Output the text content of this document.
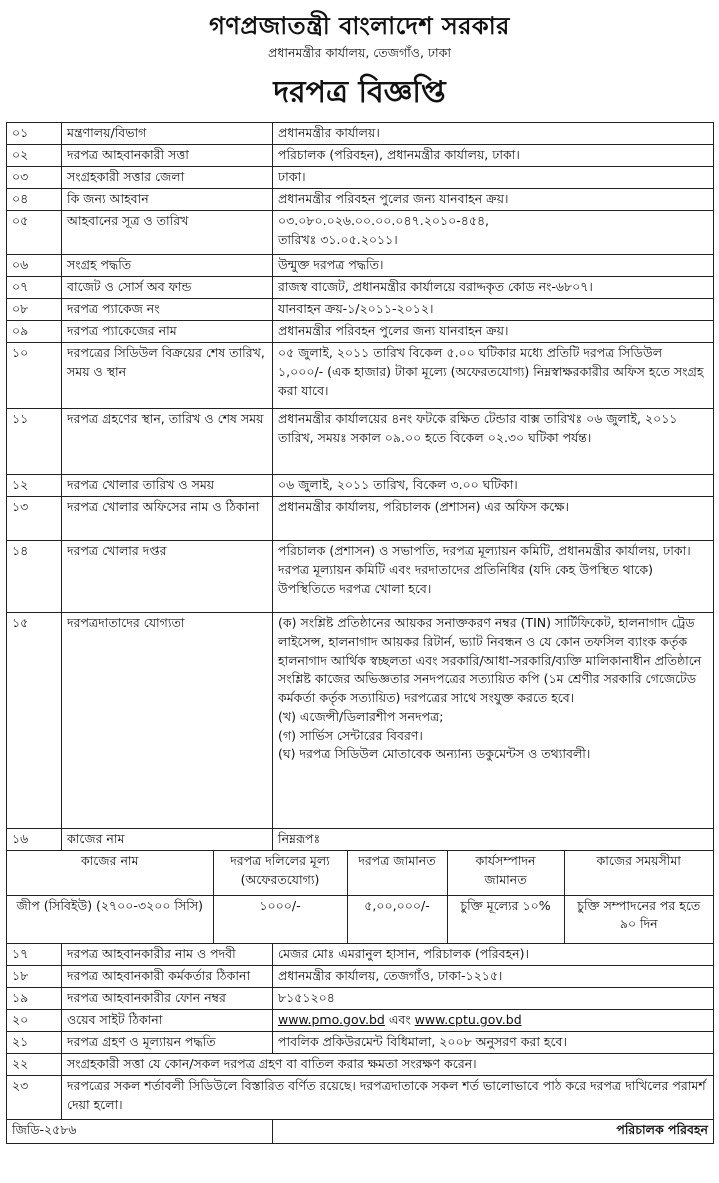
গণপ্রজাতন্ত্রী বাংলাদেশ সরকার
প্রধানমন্ত্রীর কার্যালয়, তেজগাঁও, ঢাকা
দরপত্র বিজ্ঞপ্তি
০১	মন্ত্রণালয়/বিভাগ	প্রধানমন্ত্রীর কার্যালয়।

০২	দরপত্র আহবানকারী সত্তা	পরিচালক (পরিবহন), প্রধানমন্ত্রীর কার্যালয়, ঢাকা।

০৩	সংগ্রহকারী সত্তার জেলা	ঢাকা।

০৪	কি জন্য আহবান	প্রধানমন্ত্রীর পরিবহন পুলের জন্য যানবাহন ক্রয়।

০৫	আহবানের সূত্র ও তারিখ	০৩.০৮০.০২৬.০০.০০.০৪৭.২০১০-৪৫৪,
তারিখঃ ৩১.০৫.২০১১।

০৬	সংগ্রহ পদ্ধতি	উন্মুক্ত দরপত্র পদ্ধতি।

০৭	বাজেট ও সোর্স অব ফান্ড	রাজস্ব বাজেট, প্রধানমন্ত্রীর কার্যালয়ে বরাদ্দকৃত কোড নং-৬৮০৭।

০৮	দরপত্র প্যাকেজ নং	যানবাহন ক্রয়-১/২০১১-২০১২।

০৯	দরপত্র প্যাকেজের নাম	প্রধানমন্ত্রীর পরিবহন পুলের জন্য যানবাহন ক্রয়।

১০	দরপত্রের সিডিউল বিক্রয়ের শেষ তারিখ, সময় ও স্থান	
০৫ জুলাই, ২০১১ তারিখ বিকেল ৫.০০ ঘটিকার মধ্যে প্রতিটি দরপত্র সিডিউল ১,০০০/- (এক হাজার) টাকা মূল্যে (অফেরতযোগ্য) নিম্নস্বাক্ষরকারীর অফিস হতে সংগ্রহ করা যাবে।

১১	দরপত্র গ্রহণের স্থান, তারিখ ও শেষ সময়	প্রধানমন্ত্রীর কার্যালয়ের ৪নং ফটকে রক্ষিত টেন্ডার বাক্স তারিখঃ ০৬ জুলাই, ২০১১ তারিখ, সময়ঃ সকাল ০৯.০০ হতে বিকেল ০২.৩০ ঘটিকা পর্যন্ত।

১২	দরপত্র খোলার তারিখ ও সময়	০৬ জুলাই, ২০১১ তারিখ, বিকেল ৩.০০ ঘটিকা।

১৩	দরপত্র খোলার অফিসের নাম ও ঠিকানা	প্রধানমন্ত্রীর কার্যালয়, পরিচালক (প্রশাসন) এর অফিস কক্ষে।

১৪	দরপত্র খোলার দপ্তর	পরিচালক (প্রশাসন) ও সভাপতি, দরপত্র মূল্যায়ন কমিটি, প্রধানমন্ত্রীর কার্যালয়, ঢাকা। দরপত্র মূল্যায়ন কমিটি এবং দরদাতাদের প্রতিনিধির (যদি কেহ উপস্থিত থাকে) উপস্থিতিতে দরপত্র খোলা হবে।

১৫	দরপত্রদাতাদের যোগ্যতা	(ক) সংশ্লিষ্ট প্রতিষ্ঠানের আয়কর সনাক্তকরণ নম্বর (TIN) সার্টিফিকেট, হালনাগাদ ট্রেড লাইসেন্স, হালনাগাদ আয়কর রিটার্ন, ভ্যাট নিবন্ধন ও যে কোন তফসিল ব্যাংক কর্তৃক হালনাগাদ আর্থিক স্বচ্ছলতা এবং সরকারি/আধা-সরকারি/ব্যক্তি মালিকানাধীন প্রতিষ্ঠানে সংশ্লিষ্ট কাজের অভিজ্ঞতার সনদপত্রের সত্যায়িত কপি (১ম শ্রেণীর সরকারি গেজেটেড কর্মকর্তা কর্তৃক সত্যায়িত) দরপত্রের সাথে সংযুক্ত করতে হবে।
(খ) এজেন্সী/ডিলারশীপ সনদপত্র;
(গ) সার্ভিস সেন্টারের বিবরণ।
(ঘ) দরপত্র সিডিউল মোতাবেক অন্যান্য ডকুমেন্টস ও তথ্যাবলী।

১৬	কাজের নাম	নিম্নরূপঃ

কাজের নাম	দরপত্র দলিলের মূল্য (অফেরতযোগ্য)	দরপত্র জামানত	কার্যসম্পাদন জামানত	কাজের সময়সীমা
জীপ (সিবিইউ) (২৭০০-৩২০০ সিসি)	১০০০/-	৫,০০,০০০/-	চুক্তি মূল্যের ১০%	চুক্তি সম্পাদনের পর হতে ৯০ দিন

১৭	দরপত্র আহবানকারীর নাম ও পদবী	মেজর মোঃ এমরানুল হাসান, পরিচালক (পরিবহন)।

১৮	দরপত্র আহবানকারী কর্মকর্তার ঠিকানা	প্রধানমন্ত্রীর কার্যালয়, তেজগাঁও, ঢাকা-১২১৫।

১৯	দরপত্র আহবানকারীর ফোন নম্বর	৮১৫১২০৪

২০	ওয়েব সাইট ঠিকানা	www.pmo.gov.bd এবং www.cptu.gov.bd
২১	দরপত্র গ্রহণ ও মূল্যায়ন পদ্ধতি	পাবলিক প্রকিউরমেন্ট বিধিমালা, ২০০৮ অনুসরণ করা হবে।
২২	সংগ্রহকারী সত্তা যে কোন/সকল দরপত্র গ্রহণ বা বাতিল করার ক্ষমতা সংরক্ষণ করেন।
২৩	দরপত্রের সকল শর্তাবলী সিডিউলে বিস্তারিত বর্ণিত রয়েছে। দরপত্রদাতাকে সকল শর্ত ভালোভাবে পাঠ করে দরপত্র দাখিলের পরামর্শ দেয়া হলো।
জিডি-২৫৮৬	পরিচালক পরিবহন
